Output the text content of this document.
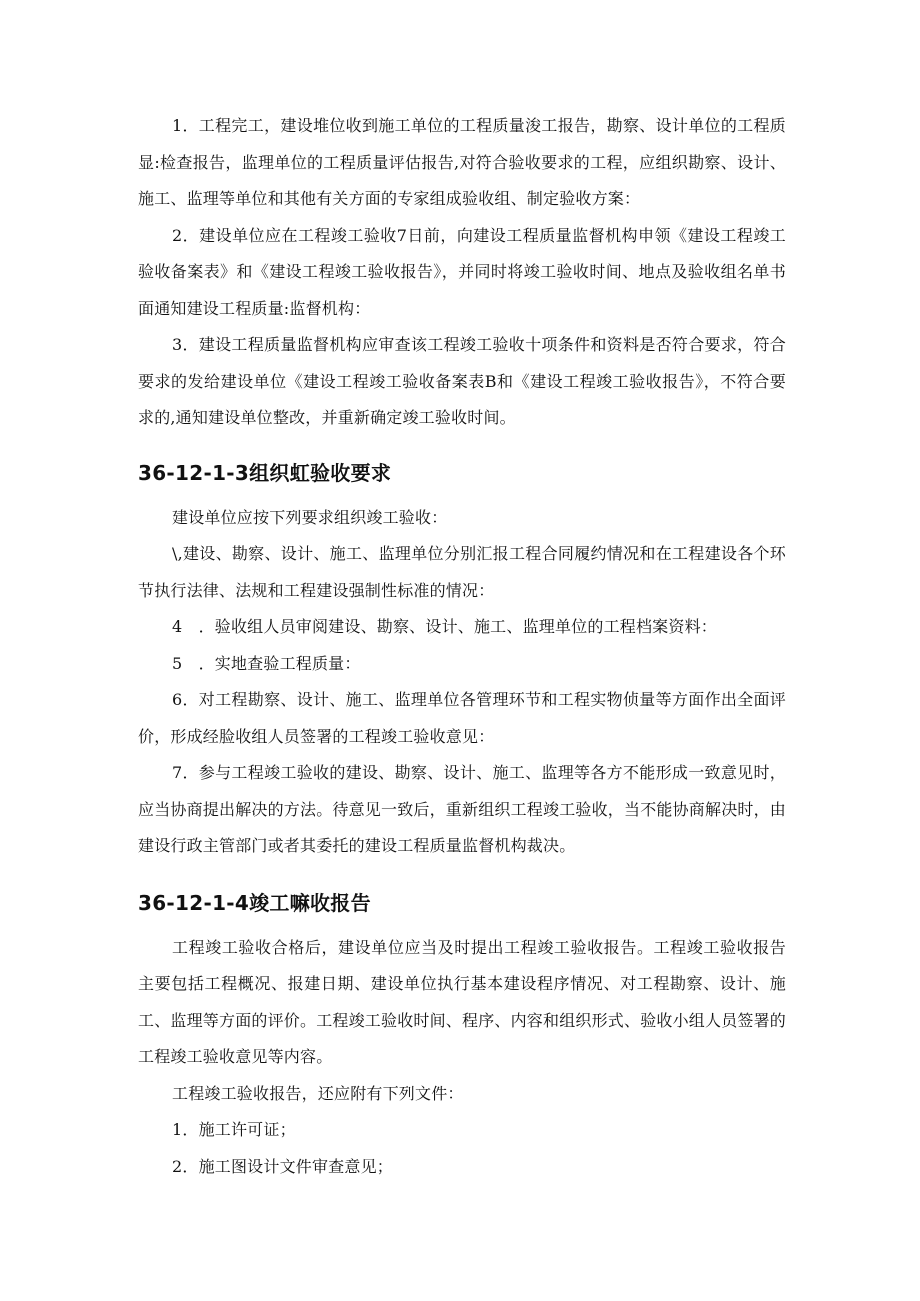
1．工程完工，建设堆位收到施工单位的工程质量浚工报告，勘察、设计单位的工程质显:检查报告，监理单位的工程质量评估报告,对符合验收要求的工程，应组织勘察、设计、施工、监理等单位和其他有关方面的专家组成验收组、制定验收方案：

2．建设单位应在工程竣工验收7日前，向建设工程质量监督机构申领《建设工程竣工验收备案表》和《建设工程竣工验收报告》，并同时将竣工验收时间、地点及验收组名单书面通知建设工程质量:监督机构：

3．建设工程质量监督机构应审查该工程竣工验收十项条件和资料是否符合要求，符合要求的发给建设单位《建设工程竣工验收备案表B和《建设工程竣工验收报告》，不符合要求的,通知建设单位整改，并重新确定竣工验收时间。

36-12-1-3组织虹验收要求

建设单位应按下列要求组织竣工验收：

\,建设、勘察、设计、施工、监理单位分别汇报工程合同履约情况和在工程建设各个环节执行法律、法规和工程建设强制性标准的情况：

4　．验收组人员审阅建设、勘察、设计、施工、监理单位的工程档案资料：

5　．实地查验工程质量：

6．对工程勘察、设计、施工、监理单位各管理环节和工程实物侦量等方面作出全面评价，形成经脸收组人员签署的工程竣工验收意见：

7．参与工程竣工验收的建设、勘察、设计、施工、监理等各方不能形成一致意见时，应当协商提出解决的方法。待意见一致后，重新组织工程竣工验收，当不能协商解决时，由建设行政主管部门或者其委托的建设工程质量监督机构裁决。

36-12-1-4竣工嘛收报告

工程竣工验收合格后，建设单位应当及时提出工程竣工验收报告。工程竣工验收报告主要包括工程概况、报建日期、建设单位执行基本建设程序情况、对工程勘察、设计、施工、监理等方面的评价。工程竣工验收时间、程序、内容和组织形式、验收小组人员签署的工程竣工验收意见等内容。

工程竣工验收报告，还应附有下列文件：

1．施工许可证；

2．施工图设计文件审查意见；
